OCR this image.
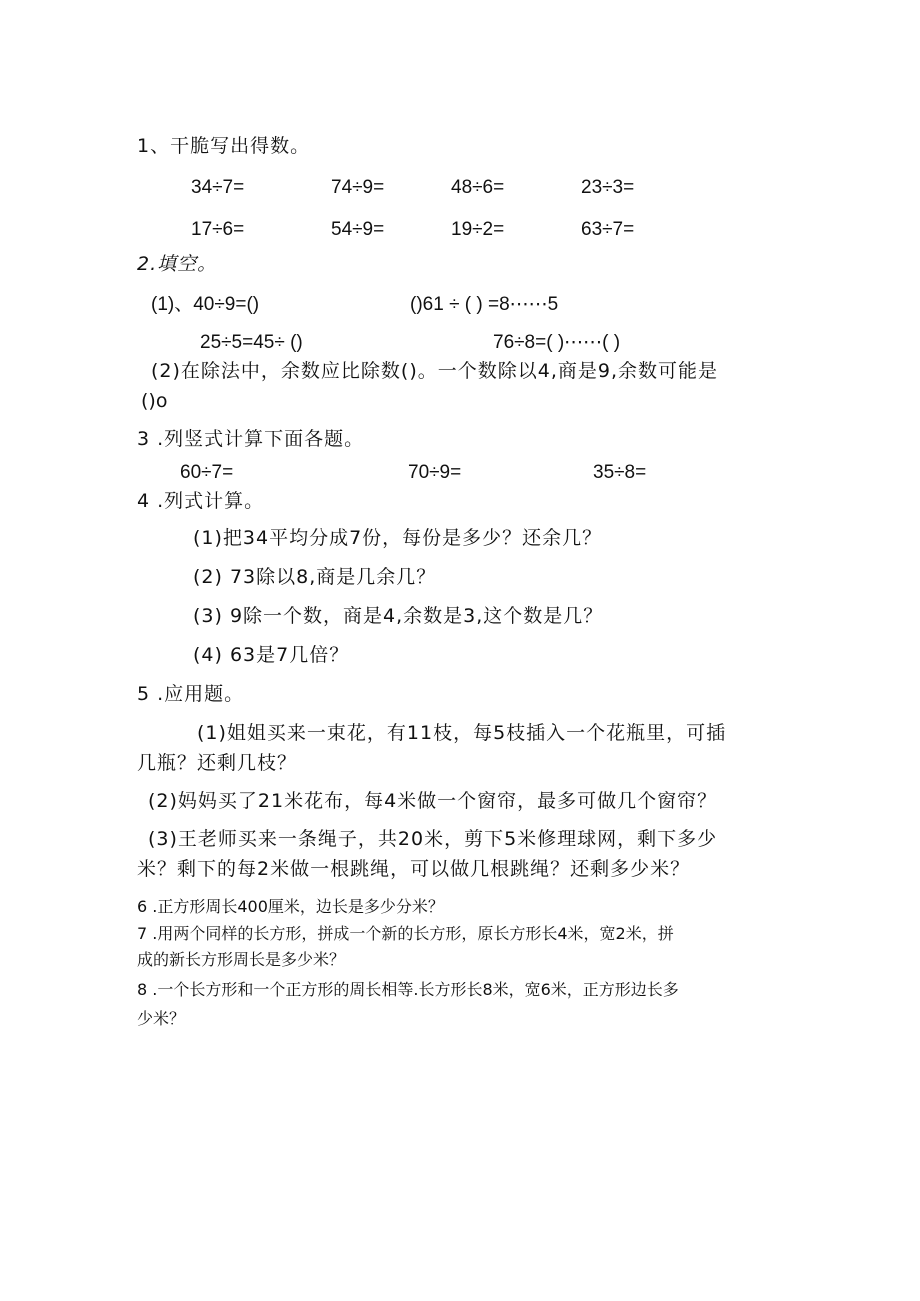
1、干脆写出得数。
34÷7=	74÷9=	48÷6=	23÷3=
17÷6=	54÷9=	19÷2=	63÷7=
2.填空。
(1)、40÷9=()	()61 ÷ ( ) =8⋯⋯5
25÷5=45÷ ()	76÷8=( )⋯⋯( )
(2)在除法中，余数应比除数()。一个数除以4,商是9,余数可能是
()o
3 .列竖式计算下面各题。
60÷7=	70÷9=	35÷8=
4 .列式计算。
(1)把34平均分成7份，每份是多少？还余几？
(2) 73除以8,商是几余几？
(3) 9除一个数，商是4,余数是3,这个数是几？
(4) 63是7几倍？
5 .应用题。
(1)姐姐买来一束花，有11枝，每5枝插入一个花瓶里，可插
几瓶？还剩几枝？
(2)妈妈买了21米花布，每4米做一个窗帘，最多可做几个窗帘？
(3)王老师买来一条绳子，共20米，剪下5米修理球网，剩下多少
米？剩下的每2米做一根跳绳，可以做几根跳绳？还剩多少米？
6 .正方形周长400厘米，边长是多少分米？
7 .用两个同样的长方形，拼成一个新的长方形，原长方形长4米，宽2米，拼
成的新长方形周长是多少米？
8 .一个长方形和一个正方形的周长相等.长方形长8米，宽6米，正方形边长多
少米？
